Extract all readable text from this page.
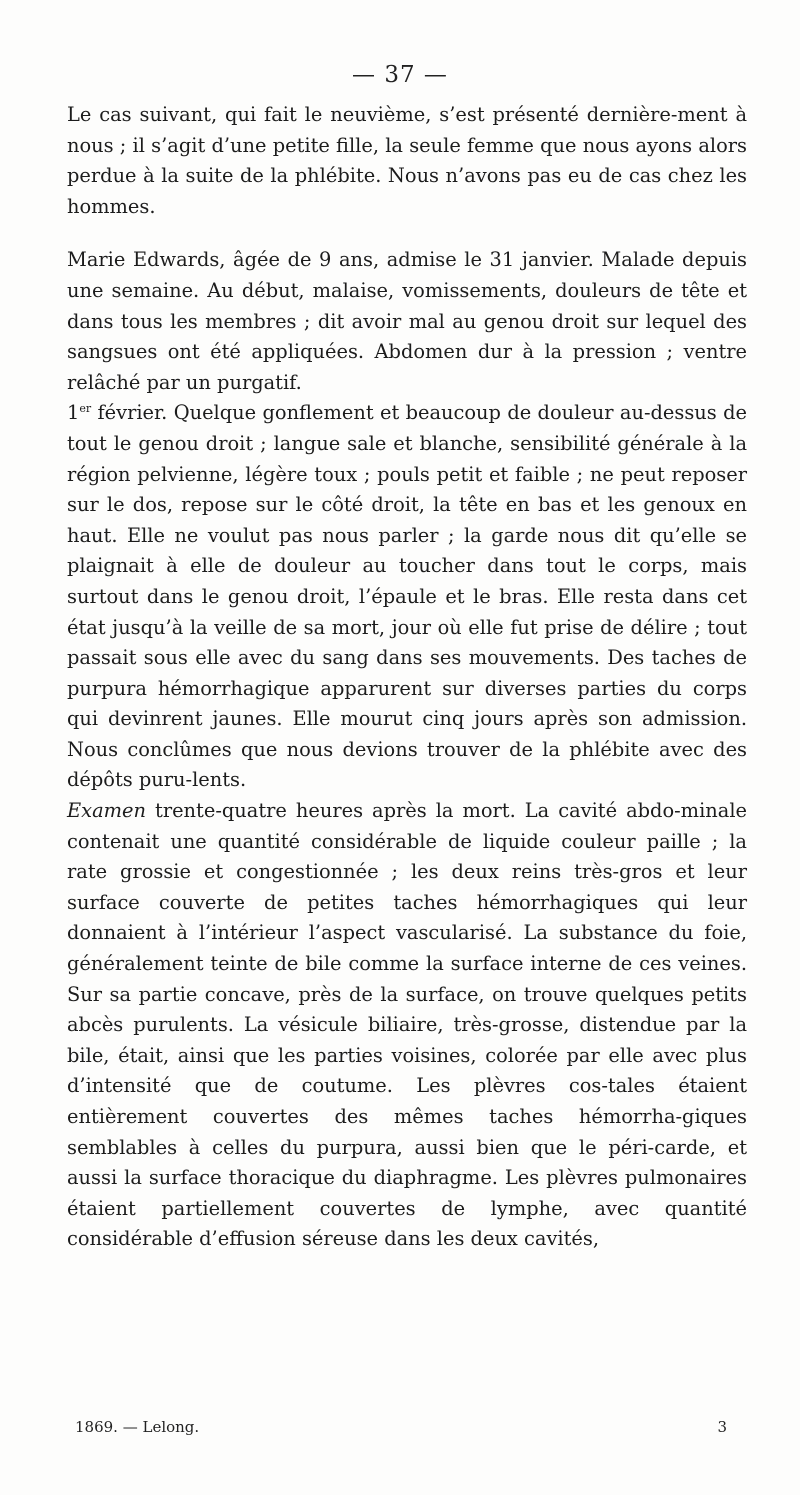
— 37 —

Le cas suivant, qui fait le neuvième, s’est présenté dernière-ment à nous ; il s’agit d’une petite fille, la seule femme que nous ayons alors perdue à la suite de la phlébite. Nous n’avons pas eu de cas chez les hommes.

Marie Edwards, âgée de 9 ans, admise le 31 janvier. Malade depuis une semaine. Au début, malaise, vomissements, douleurs de tête et dans tous les membres ; dit avoir mal au genou droit sur lequel des sangsues ont été appliquées. Abdomen dur à la pression ; ventre relâché par un purgatif.

1er février. Quelque gonflement et beaucoup de douleur au-dessus de tout le genou droit ; langue sale et blanche, sensibilité générale à la région pelvienne, légère toux ; pouls petit et faible ; ne peut reposer sur le dos, repose sur le côté droit, la tête en bas et les genoux en haut. Elle ne voulut pas nous parler ; la garde nous dit qu’elle se plaignait à elle de douleur au toucher dans tout le corps, mais surtout dans le genou droit, l’épaule et le bras. Elle resta dans cet état jusqu’à la veille de sa mort, jour où elle fut prise de délire ; tout passait sous elle avec du sang dans ses mouvements. Des taches de purpura hémorrhagique apparurent sur diverses parties du corps qui devinrent jaunes. Elle mourut cinq jours après son admission. Nous conclûmes que nous devions trouver de la phlébite avec des dépôts puru-lents.

Examen trente-quatre heures après la mort. La cavité abdo-minale contenait une quantité considérable de liquide couleur paille ; la rate grossie et congestionnée ; les deux reins très-gros et leur surface couverte de petites taches hémorrhagiques qui leur donnaient à l’intérieur l’aspect vascularisé. La substance du foie, généralement teinte de bile comme la surface interne de ces veines. Sur sa partie concave, près de la surface, on trouve quelques petits abcès purulents. La vésicule biliaire, très-grosse, distendue par la bile, était, ainsi que les parties voisines, colorée par elle avec plus d’intensité que de coutume. Les plèvres cos-tales étaient entièrement couvertes des mêmes taches hémorrha-giques semblables à celles du purpura, aussi bien que le péri-carde, et aussi la surface thoracique du diaphragme. Les plèvres pulmonaires étaient partiellement couvertes de lymphe, avec quantité considérable d’effusion séreuse dans les deux cavités,

1869. — Lelong.	3
